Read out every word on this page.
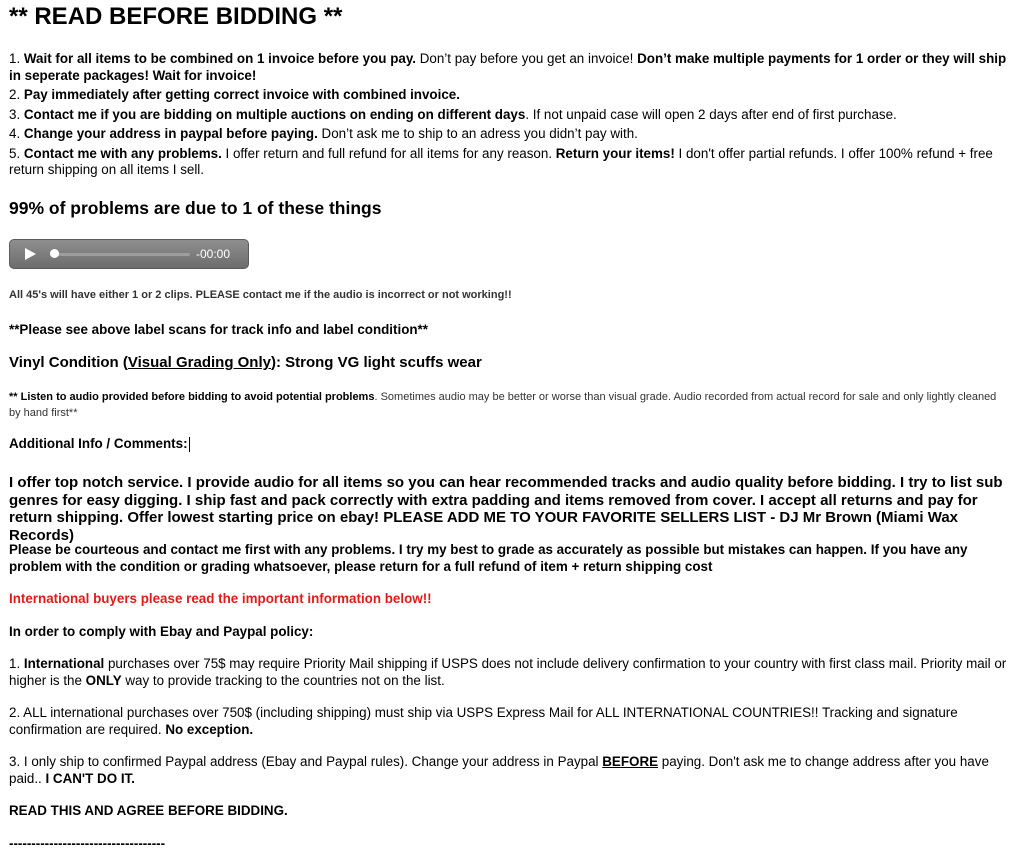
** READ BEFORE BIDDING **

1. Wait for all items to be combined on 1 invoice before you pay. Don’t pay before you get an invoice! Don’t make multiple payments for 1 order or they will ship in seperate packages! Wait for invoice!

2. Pay immediately after getting correct invoice with combined invoice.

3. Contact me if you are bidding on multiple auctions on ending on different days. If not unpaid case will open 2 days after end of first purchase.

4. Change your address in paypal before paying. Don’t ask me to ship to an adress you didn’t pay with.

5. Contact me with any problems. I offer return and full refund for all items for any reason. Return your items! I don't offer partial refunds. I offer 100% refund + free return shipping on all items I sell.

99% of problems are due to 1 of these things
-00:00
All 45's will have either 1 or 2 clips. PLEASE contact me if the audio is incorrect or not working!!
**Please see above label scans for track info and label condition**
Vinyl Condition (Visual Grading Only): Strong VG light scuffs wear
** Listen to audio provided before bidding to avoid potential problems. Sometimes audio may be better or worse than visual grade. Audio recorded from actual record for sale and only lightly cleaned by hand first**
Additional Info / Comments:
I offer top notch service. I provide audio for all items so you can hear recommended tracks and audio quality before bidding. I try to list sub genres for easy digging. I ship fast and pack correctly with extra padding and items removed from cover. I accept all returns and pay for return shipping. Offer lowest starting price on ebay! PLEASE ADD ME TO YOUR FAVORITE SELLERS LIST - DJ Mr Brown (Miami Wax Records)
Please be courteous and contact me first with any problems. I try my best to grade as accurately as possible but mistakes can happen. If you have any problem with the condition or grading whatsoever, please return for a full refund of item + return shipping cost
International buyers please read the important information below!!
In order to comply with Ebay and Paypal policy:
1. International purchases over 75$ may require Priority Mail shipping if USPS does not include delivery confirmation to your country with first class mail. Priority mail or higher is the ONLY way to provide tracking to the countries not on the list.
2. ALL international purchases over 750$ (including shipping) must ship via USPS Express Mail for ALL INTERNATIONAL COUNTRIES!! Tracking and signature confirmation are required. No exception.
3. I only ship to confirmed Paypal address (Ebay and Paypal rules). Change your address in Paypal BEFORE paying. Don't ask me to change address after you have paid.. I CAN'T DO IT.
READ THIS AND AGREE BEFORE BIDDING.
-----------------------------------
